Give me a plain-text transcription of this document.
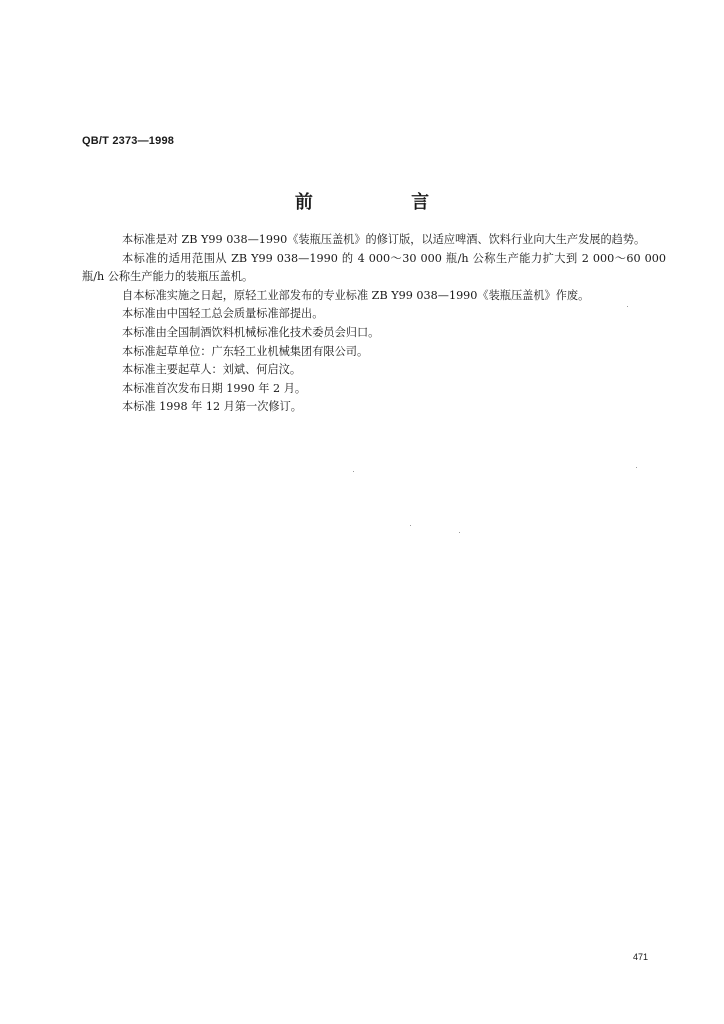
QB/T 2373—1998
前 言

本标准是对 ZB Y99 038—1990《装瓶压盖机》的修订版，以适应啤酒、饮料行业向大生产发展的趋势。

本标准的适用范围从 ZB Y99 038—1990 的 4 000～30 000 瓶/h 公称生产能力扩大到 2 000～60 000 瓶/h 公称生产能力的装瓶压盖机。

自本标准实施之日起，原轻工业部发布的专业标准 ZB Y99 038—1990《装瓶压盖机》作废。

本标准由中国轻工总会质量标准部提出。

本标准由全国制酒饮料机械标准化技术委员会归口。

本标准起草单位：广东轻工业机械集团有限公司。

本标准主要起草人：刘斌、何启汶。

本标准首次发布日期 1990 年 2 月。

本标准 1998 年 12 月第一次修订。

471
